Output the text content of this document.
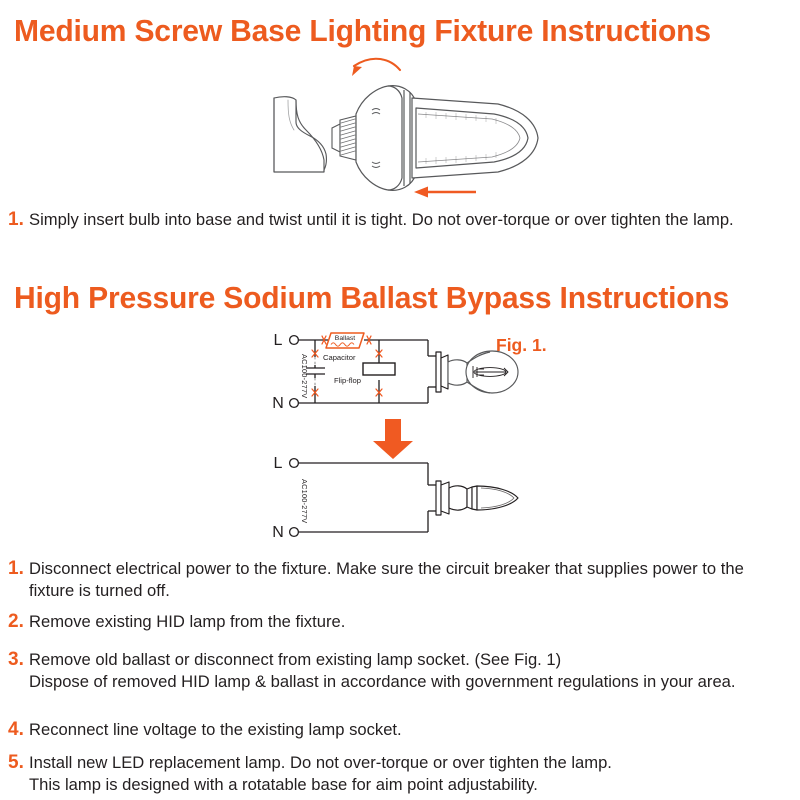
Medium Screw Base Lighting Fixture Instructions
1. Simply insert bulb into base and twist until it is tight. Do not over-torque or over tighten the lamp.
High Pressure Sodium Ballast Bypass Instructions
Fig. 1.
L
N
AC100-277V
Ballast
Capacitor
Flip-flop
L
N
AC100-277V
1. Disconnect electrical power to the fixture. Make sure the circuit breaker that supplies power to the
fixture is turned off.
2. Remove existing HID lamp from the fixture.
3. Remove old ballast or disconnect from existing lamp socket. (See Fig. 1)
Dispose of removed HID lamp & ballast in accordance with government regulations in your area.
4. Reconnect line voltage to the existing lamp socket.
5. Install new LED replacement lamp. Do not over-torque or over tighten the lamp.
This lamp is designed with a rotatable base for aim point adjustability.
